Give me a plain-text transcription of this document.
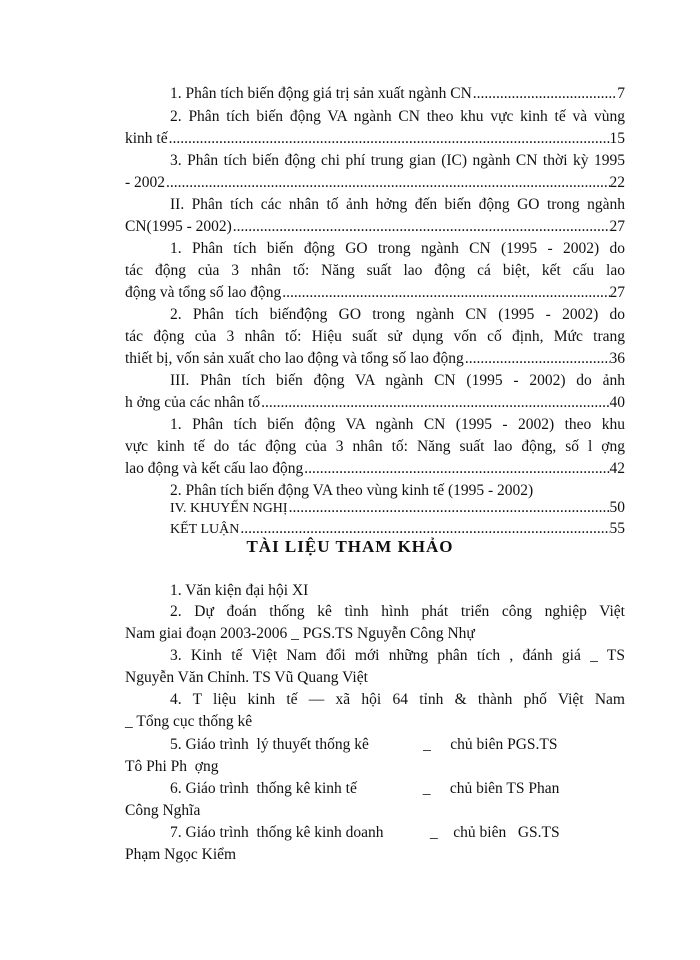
1. Phân tích biến động giá trị sản xuất ngành CN .....	7
2. Phân tích biến động VA ngành CN theo khu vực kinh tế và vùng
kinh tế .....	15
3. Phân tích biến động chi phí trung gian (IC) ngành CN thời kỳ 1995
- 2002 .....	22
II. Phân tích các nhân tố ảnh hởng đến biến động GO trong ngành
CN(1995 - 2002) .....	27
1. Phân tích biến động GO trong ngành CN (1995 - 2002) do
tác động của 3 nhân tố: Năng suất lao động cá biệt, kết cấu lao
động và tổng số lao động .....	27
2. Phân tích biếnđộng GO trong ngành CN (1995 - 2002) do
tác động của 3 nhân tố: Hiệu suất sử dụng vốn cố định, Mức trang
thiết bị, vốn sản xuất cho lao động và tổng số lao động .....	36
III. Phân tích biến động VA ngành CN (1995 - 2002) do ảnh
h ởng của các nhân tố .....	40
1. Phân tích biến động VA ngành CN (1995 - 2002) theo khu
vực kinh tế do tác động của 3 nhân tố: Năng suất lao động, số l ợng
lao động và kết cấu lao động .....	42
2. Phân tích biến động VA theo vùng kinh tế (1995 - 2002)
IV. KHUYẾN NGHỊ .....	50
KẾT LUẬN .....	55
TÀI LIỆU THAM KHẢO
1. Văn kiện đại hội XI
2. Dự đoán thống kê tình hình phát triển công nghiệp Việt
Nam giai đoạn 2003-2006 _ PGS.TS Nguyễn Công Nhự
3. Kinh tế Việt Nam đổi mới những phân tích , đánh giá _ TS
Nguyễn Văn Chỉnh. TS Vũ Quang Việt
4. T liệu kinh tế — xã hội 64 tỉnh & thành phố Việt Nam
_ Tổng cục thống kê
5. Giáo trình  lý thuyết thống kê              _     chủ biên PGS.TS
Tô Phi Ph  ợng
6. Giáo trình  thống kê kinh tế                 _     chủ biên TS Phan
Công Nghĩa
7. Giáo trình  thống kê kinh doanh            _    chủ biên   GS.TS
Phạm Ngọc Kiểm
